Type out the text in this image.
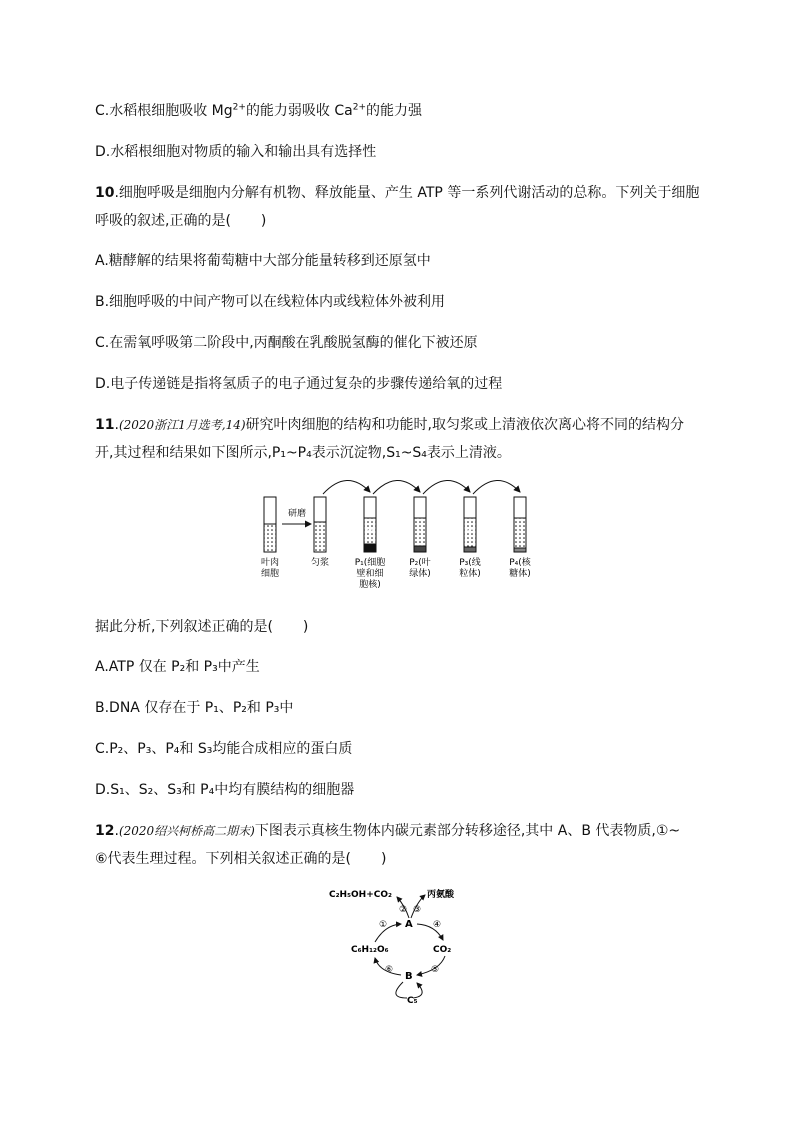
C.水稻根细胞吸收 $Mg^{2+}$的能力弱吸收 $Ca^{2+}$的能力强
D.水稻根细胞对物质的输入和输出具有选择性
10.细胞呼吸是细胞内分解有机物、释放能量、产生 ATP 等一系列代谢活动的总称。下列关于细胞
呼吸的叙述,正确的是( )
A.糖酵解的结果将葡萄糖中大部分能量转移到还原氢中
B.细胞呼吸的中间产物可以在线粒体内或线粒体外被利用
C.在需氧呼吸第二阶段中,丙酮酸在乳酸脱氢酶的催化下被还原
D.电子传递链是指将氢质子的电子通过复杂的步骤传递给氧的过程
11.(2020浙江1月选考,14)研究叶肉细胞的结构和功能时,取匀浆或上清液依次离心将不同的结构分
开,其过程和结果如下图所示,P₁~P₄表示沉淀物,S₁~S₄表示上清液。
研磨
S₁	S₂	S₃	S₄
叶肉细胞
匀浆	P₁(细胞壁和细胞核)
P₂(叶绿体)
P₃(线粒体)
P₄(核糖体)
据此分析,下列叙述正确的是( )
A.ATP 仅在 P₂和 P₃中产生
B.DNA 仅存在于 P₁、P₂和 P₃中
C.P₂、P₃、P₄和 S₃均能合成相应的蛋白质
D.S₁、S₂、S₃和 P₄中均有膜结构的细胞器
12.(2020绍兴柯桥高二期末)下图表示真核生物体内碳元素部分转移途径,其中 A、B 代表物质,①~
⑥代表生理过程。下列相关叙述正确的是( )
C₂H₅OH+CO₂	丙氨酸
② ③
A
①	④
C₆H₁₂O₆	CO₂
⑤
⑥
B
C₅
